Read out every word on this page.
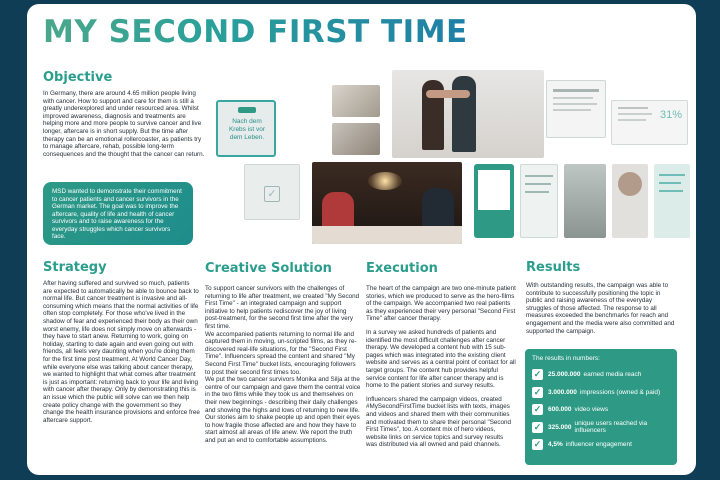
MY SECOND FIRST TIME
Objective
In Germany, there are around 4.65 million people living with cancer. How to support and care for them is still a greatly underexplored and under resourced area. Whilst improved awareness, diagnosis and treatments are helping more and more people to survive cancer and live longer, aftercare is in short supply. But the time after therapy can be an emotional rollercoaster, as patients try to manage aftercare, rehab, possible long-term consequences and the thought that the cancer can return.
MSD wanted to demonstrate their commitment to cancer patients and cancer survivors in the German market. The goal was to improve the aftercare, quality of life and health of cancer survivors and to raise awareness for the everyday struggles which cancer survivors face.
Nach dem Krebs ist vor dem Leben.
31%
✓
Strategy
After having suffered and survived so much, patients are expected to automatically be able to bounce back to normal life. But cancer treatment is invasive and all-consuming which means that the normal activities of life often stop completely. For those who've lived in the shadow of fear and experienced their body as their own worst enemy, life does not simply move on afterwards - they have to start anew. Returning to work, going on holiday, starting to date again and even going out with friends, all feels very daunting when you're doing them for the first time post treatment. At World Cancer Day, while everyone else was talking about cancer therapy, we wanted to highlight that what comes after treatment is just as important: returning back to your life and living with cancer after therapy. Only by demonstrating this is an issue which the public will solve can we then help create policy change with the government so they change the health insurance provisions and enforce free aftercare support.
Creative Solution
To support cancer survivors with the challenges of returning to life after treatment, we created "My Second First Time" - an integrated campaign and support initiative to help patients rediscover the joy of living post-treatment, for the second first time after the very first time.
We accompanied patients returning to normal life and captured them in moving, un-scripted films, as they re-discovered real-life situations, for the "Second First Time". Influencers spread the content and shared "My Second First Time" bucket lists, encouraging followers to post their second first times too.
We put the two cancer survivors Monika and Silja at the centre of our campaign and gave them the central voice in the two films while they took us and themselves on their new beginnings - describing their daily challenges and showing the highs and lows of returning to new life. Our stories aim to shake people up and open their eyes to how fragile those affected are and how they have to start almost all areas of life anew. We report the truth and put an end to comfortable assumptions.
Execution
The heart of the campaign are two one-minute patient stories, which we produced to serve as the hero-films of the campaign. We accompanied two real patients as they experienced their very personal "Second First Time" after cancer therapy.
In a survey we asked hundreds of patients and identified the most difficult challenges after cancer therapy. We developed a content hub with 15 sub-pages which was integrated into the existing client website and serves as a central point of contact for all target groups. The content hub provides helpful service content for life after cancer therapy and is home to the patient stories and survey results.
Influencers shared the campaign videos, created #MySecondFirstTime bucket lists with texts, images and videos and shared them with their communities and motivated them to share their personal "Second First Times", too. A content mix of hero videos, website links on service topics and survey results was distributed via all owned and paid channels.
Results
With outstanding results, the campaign was able to contribute to successfully positioning the topic in public and raising awareness of the everyday struggles of those affected. The response to all measures exceeded the benchmarks for reach and engagement and the media were also committed and supported the campaign.
The results in numbers:
✓ 25.000.000 earned media reach
✓ 3.000.000 impressions (owned & paid)
✓ 600.000 video views
✓ 325.000 unique users reached via influencers
✓ 4,5% influencer engagement
